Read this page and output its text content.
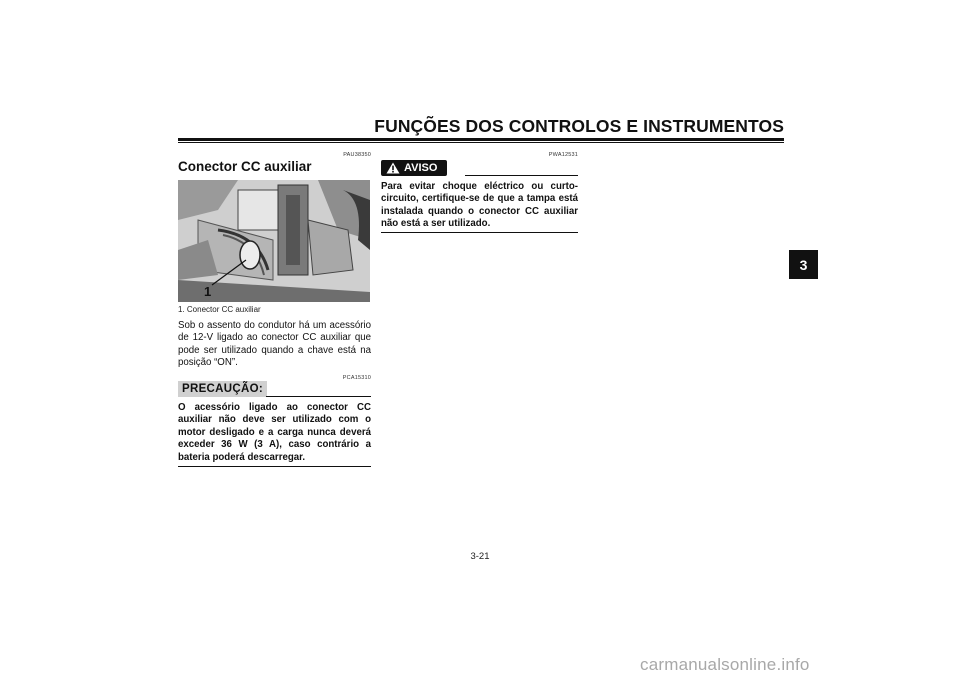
FUNÇÕES DOS CONTROLOS E INSTRUMENTOS
3
PAU38350
Conector CC auxiliar
1
1. Conector CC auxiliar
Sob o assento do condutor há um acessório de 12-V ligado ao conector CC auxiliar que pode ser utilizado quando a chave está na posição “ON”.
PCA15310
PRECAUÇÃO:
O acessório ligado ao conector CC auxiliar não deve ser utilizado com o motor desligado e a carga nunca deverá exceder 36 W (3 A), caso contrário a bateria poderá descarregar.
PWA12531
AVISO
Para evitar choque eléctrico ou curto-circuito, certifique-se de que a tampa está instalada quando o conector CC auxiliar não está a ser utilizado.
3-21
carmanualsonline.info
